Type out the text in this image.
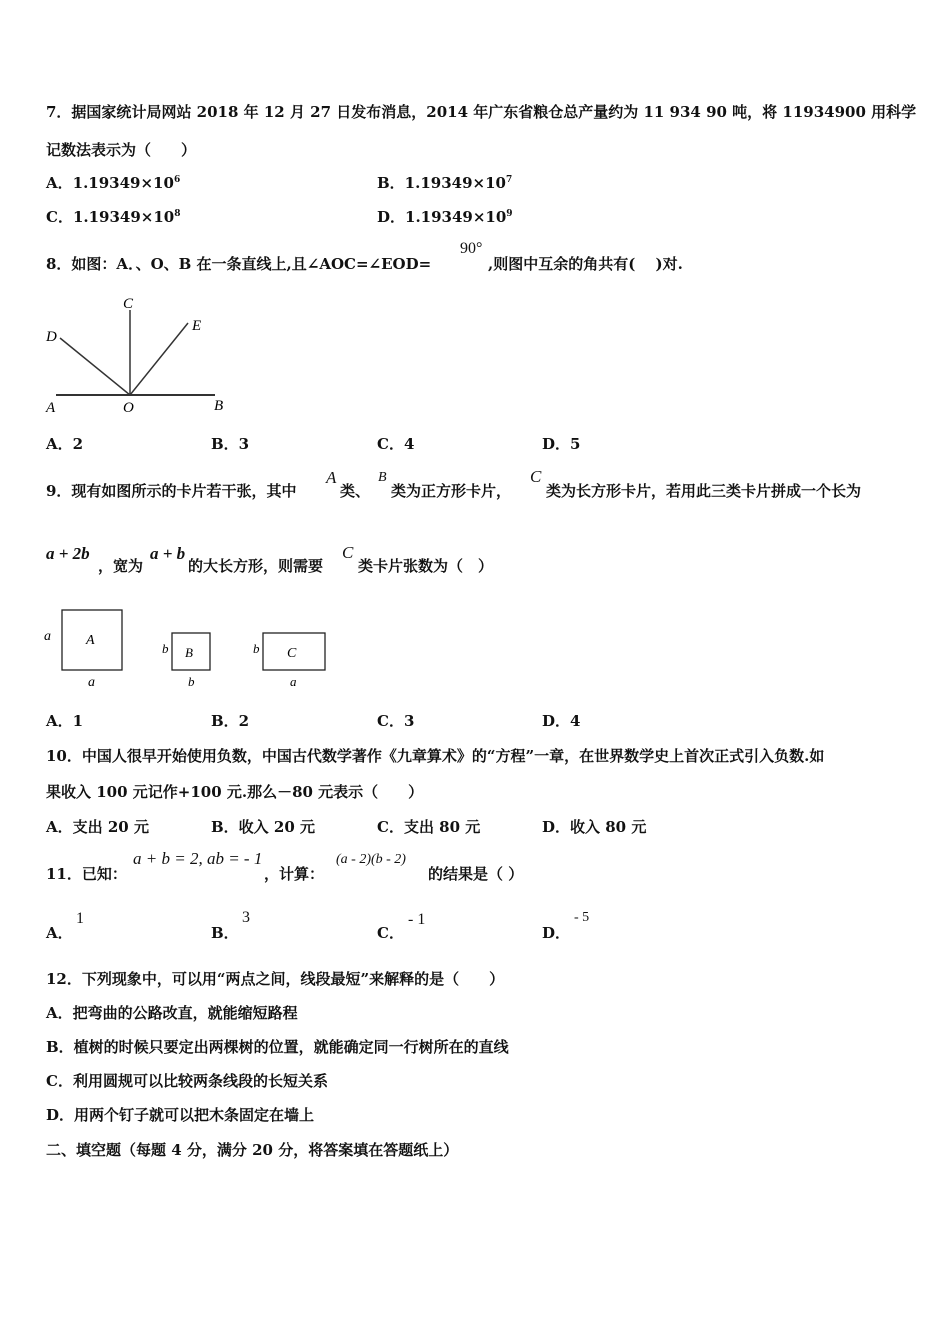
7．据国家统计局网站 2018 年 12 月 27 日发布消息，2014 年广东省粮仓总产量约为 11 934 90 吨，将 11934900 用科学
记数法表示为（　　）
A．$1.19349\times 10^6$	B．$1.19349\times 10^7$
C．$1.19349\times 10^8$	D．$1.19349\times 10^9$
8．如图：A．、O、B 在一条直线上,且∠AOC=∠EOD=
90°
,则图中互余的角共有(　 )对.
C
D
E
A	O	B
A．2	B．3	C．4	D．5
9．现有如图所示的卡片若干张，其中
A
类、
B
类为正方形卡片，
C
类为长方形卡片，若用此三类卡片拼成一个长为
a + 2b
，宽为
a + b
的大长方形，则需要
C
类卡片张数为（　）
a	A
a
b B
b
b C
a
A．1	B．2	C．3	D．4
10．中国人很早开始使用负数，中国古代数学著作《九章算术》的“方程”一章，在世界数学史上首次正式引入负数.如
果收入 100 元记作+100 元.那么－80 元表示（　　）
A．支出 20 元	B．收入 20 元	C．支出 80 元	D．收入 80 元
11．已知：
a + b = 2, ab = - 1
，计算：
(a - 2)(b - 2)
的结果是（ ）
A．
1
B．
3
C．
- 1
D．
- 5
12．下列现象中，可以用“两点之间，线段最短”来解释的是（　　）
A．把弯曲的公路改直，就能缩短路程
B．植树的时候只要定出两棵树的位置，就能确定同一行树所在的直线
C．利用圆规可以比较两条线段的长短关系
D．用两个钉子就可以把木条固定在墙上
二、填空题（每题 4 分，满分 20 分，将答案填在答题纸上）
